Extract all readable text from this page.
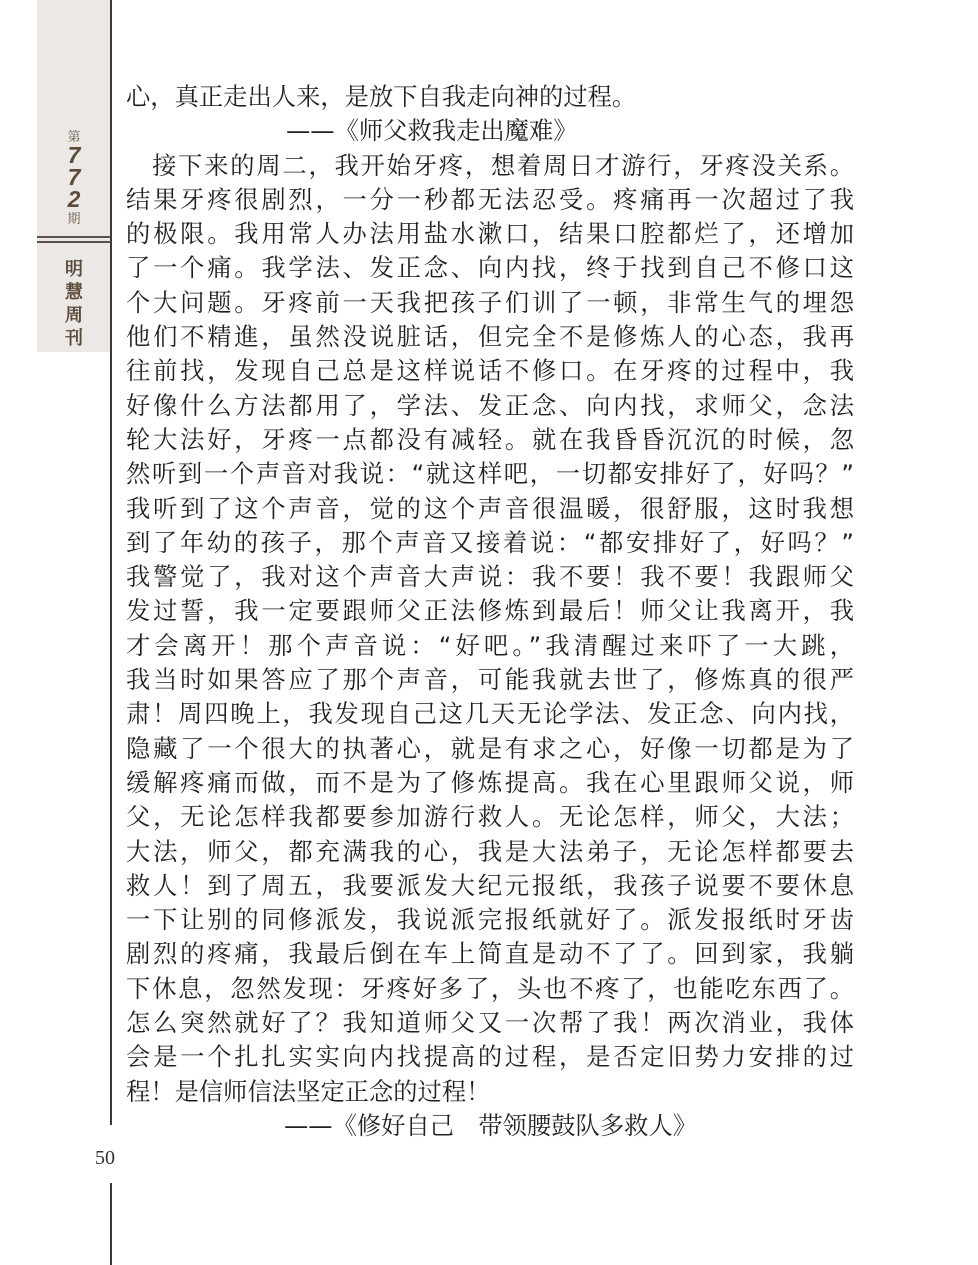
第
7
7
2
期
明
慧
周
刊
50
心，真正走出人来，是放下自我走向神的过程。
——《师父救我走出魔难》
　接下来的周二，我开始牙疼，想着周日才游行，牙疼没关系。
结果牙疼很剧烈，一分一秒都无法忍受。疼痛再一次超过了我
的极限。我用常人办法用盐水漱口，结果口腔都烂了，还增加
了一个痛。我学法、发正念、向内找，终于找到自己不修口这
个大问题。牙疼前一天我把孩子们训了一顿，非常生气的埋怨
他们不精進，虽然没说脏话，但完全不是修炼人的心态，我再
往前找，发现自己总是这样说话不修口。在牙疼的过程中，我
好像什么方法都用了，学法、发正念、向内找，求师父，念法
轮大法好，牙疼一点都没有减轻。就在我昏昏沉沉的时候，忽
然听到一个声音对我说：“就这样吧，一切都安排好了，好吗？”
我听到了这个声音，觉的这个声音很温暖，很舒服，这时我想
到了年幼的孩子，那个声音又接着说：“都安排好了，好吗？”
我警觉了，我对这个声音大声说：我不要！我不要！我跟师父
发过誓，我一定要跟师父正法修炼到最后！师父让我离开，我
才会离开！那个声音说：“好吧。”我清醒过来吓了一大跳，
我当时如果答应了那个声音，可能我就去世了，修炼真的很严
肃！周四晚上，我发现自己这几天无论学法、发正念、向内找，
隐藏了一个很大的执著心，就是有求之心，好像一切都是为了
缓解疼痛而做，而不是为了修炼提高。我在心里跟师父说，师
父，无论怎样我都要参加游行救人。无论怎样，师父，大法；
大法，师父，都充满我的心，我是大法弟子，无论怎样都要去
救人！到了周五，我要派发大纪元报纸，我孩子说要不要休息
一下让别的同修派发，我说派完报纸就好了。派发报纸时牙齿
剧烈的疼痛，我最后倒在车上简直是动不了了。回到家，我躺
下休息，忽然发现：牙疼好多了，头也不疼了，也能吃东西了。
怎么突然就好了？我知道师父又一次帮了我！两次消业，我体
会是一个扎扎实实向内找提高的过程，是否定旧势力安排的过
程！是信师信法坚定正念的过程！
——《修好自己　带领腰鼓队多救人》
